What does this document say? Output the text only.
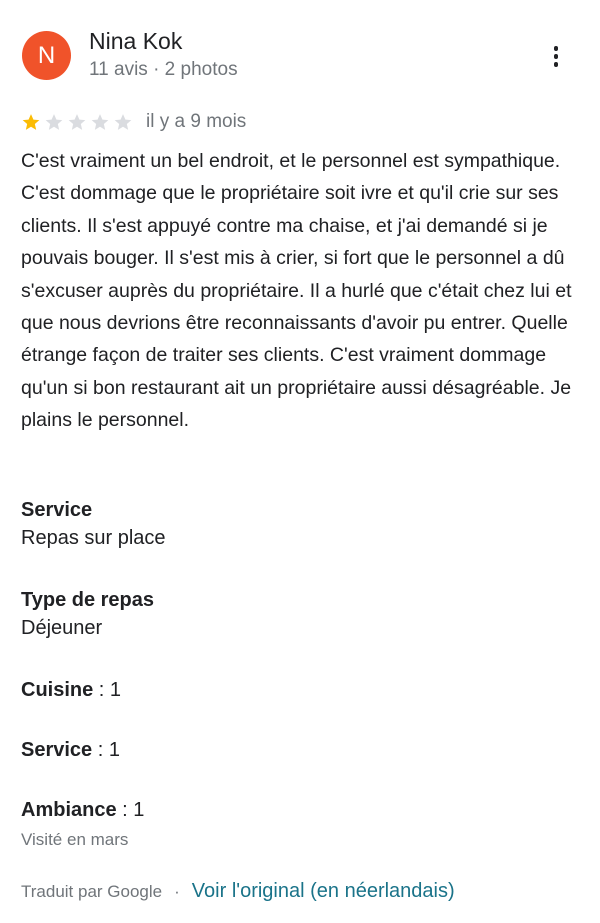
N
Nina Kok
11 avis · 2 photos
il y a 9 mois

C'est vraiment un bel endroit, et le personnel est sympathique. C'est dommage que le propriétaire soit ivre et qu'il crie sur ses clients. Il s'est appuyé contre ma chaise, et j'ai demandé si je pouvais bouger. Il s'est mis à crier, si fort que le personnel a dû s'excuser auprès du propriétaire. Il a hurlé que c'était chez lui et que nous devrions être reconnaissants d'avoir pu entrer. Quelle étrange façon de traiter ses clients. C'est vraiment dommage qu'un si bon restaurant ait un propriétaire aussi désagréable. Je plains le personnel.

Service
Repas sur place
Type de repas
Déjeuner
Cuisine : 1
Service : 1
Ambiance : 1
Visité en mars
Traduit par Google · Voir l'original (en néerlandais)
